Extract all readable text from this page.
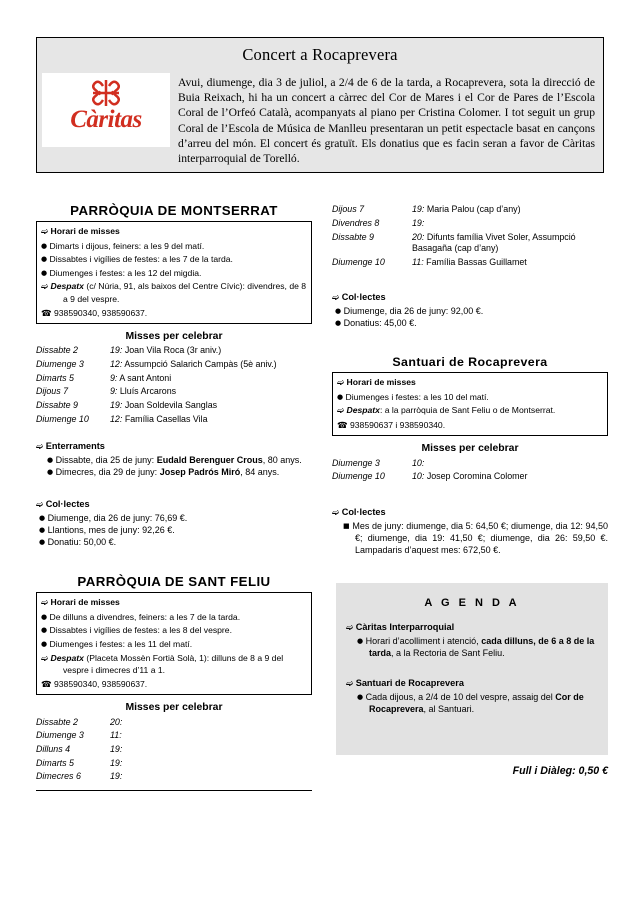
Concert a Rocaprevera
Càritas
Avui, diumenge, dia 3 de juliol, a 2/4 de 6 de la tarda, a Rocaprevera, sota la direcció de Buia Reixach, hi ha un concert a càrrec del Cor de Mares i el Cor de Pares de l’Escola Coral de l’Orfeó Català, acompanyats al piano per Cristina Colomer. I tot seguit un grup Coral de l’Escola de Música de Manlleu presentaran un petit espectacle basat en cançons d’arreu del món. El concert és gratuït. Els donatius que es facin seran a favor de Càritas interparroquial de Torelló.
PARRÒQUIA DE MONTSERRAT
➫ Horari de misses
● Dimarts i dijous, feiners: a les 9 del matí.
● Dissabtes i vigílies de festes: a les 7 de la tarda.
● Diumenges i festes: a les 12 del migdia.
➫ Despatx (c/ Núria, 91, als baixos del Centre Cívic): divendres, de 8 a 9 del vespre.
☎ 938590340, 938590637.
Misses per celebrar
Dissabte 2	19: Joan Vila Roca (3r aniv.)
Diumenge 3	12: Assumpció Salarich Campàs (5è aniv.)
Dimarts 5	9: A sant Antoni
Dijous 7	9: Lluís Arcarons
Dissabte 9	19: Joan Soldevila Sanglas
Diumenge 10	12: Família Casellas Vila
➫ Enterraments
● Dissabte, dia 25 de juny: Eudald Berenguer Crous, 80 anys.
● Dimecres, dia 29 de juny: Josep Padrós Miró, 84 anys.
➫ Col·lectes
● Diumenge, dia 26 de juny: 76,69 €.
● Llantions, mes de juny: 92,26 €.
● Donatiu: 50,00 €.
PARRÒQUIA DE SANT FELIU
➫ Horari de misses
● De dilluns a divendres, feiners: a les 7 de la tarda.
● Dissabtes i vigílies de festes: a les 8 del vespre.
● Diumenges i festes: a les 11 del matí.
➫ Despatx (Placeta Mossèn Fortià Solà, 1): dilluns de 8 a 9 del vespre i dimecres d’11 a 1.
☎ 938590340, 938590637.
Misses per celebrar
Dissabte 2	20:
Diumenge 3	11:
Dilluns 4	19:
Dimarts 5	19:
Dimecres 6	19:
Dijous 7	19: Maria Palou (cap d’any)
Divendres 8	19:
Dissabte 9	20: Difunts família Vivet Soler, Assumpció Basagaña (cap d’any)
Diumenge 10	11: Família Bassas Guillamet
➫ Col·lectes
● Diumenge, dia 26 de juny: 92,00 €.
● Donatius: 45,00 €.
Santuari de Rocaprevera
➫ Horari de misses
● Diumenges i festes: a les 10 del matí.
➫ Despatx: a la parròquia de Sant Feliu o de Montserrat.
☎ 938590637 i 938590340.
Misses per celebrar
Diumenge 3	10:
Diumenge 10	10: Josep Coromina Colomer
➫ Col·lectes
■ Mes de juny: diumenge, dia 5: 64,50 €; diumenge, dia 12: 94,50 €; diumenge, dia 19: 41,50 €; diumenge, dia 26: 59,50 €. Lampadaris d’aquest mes: 672,50 €.
A G E N D A
➫ Càritas Interparroquial
● Horari d’acolliment i atenció, cada dilluns, de 6 a 8 de la tarda, a la Rectoria de Sant Feliu.
➫ Santuari de Rocaprevera
● Cada dijous, a 2/4 de 10 del vespre, assaig del Cor de Rocaprevera, al Santuari.
Full i Diàleg: 0,50 €
